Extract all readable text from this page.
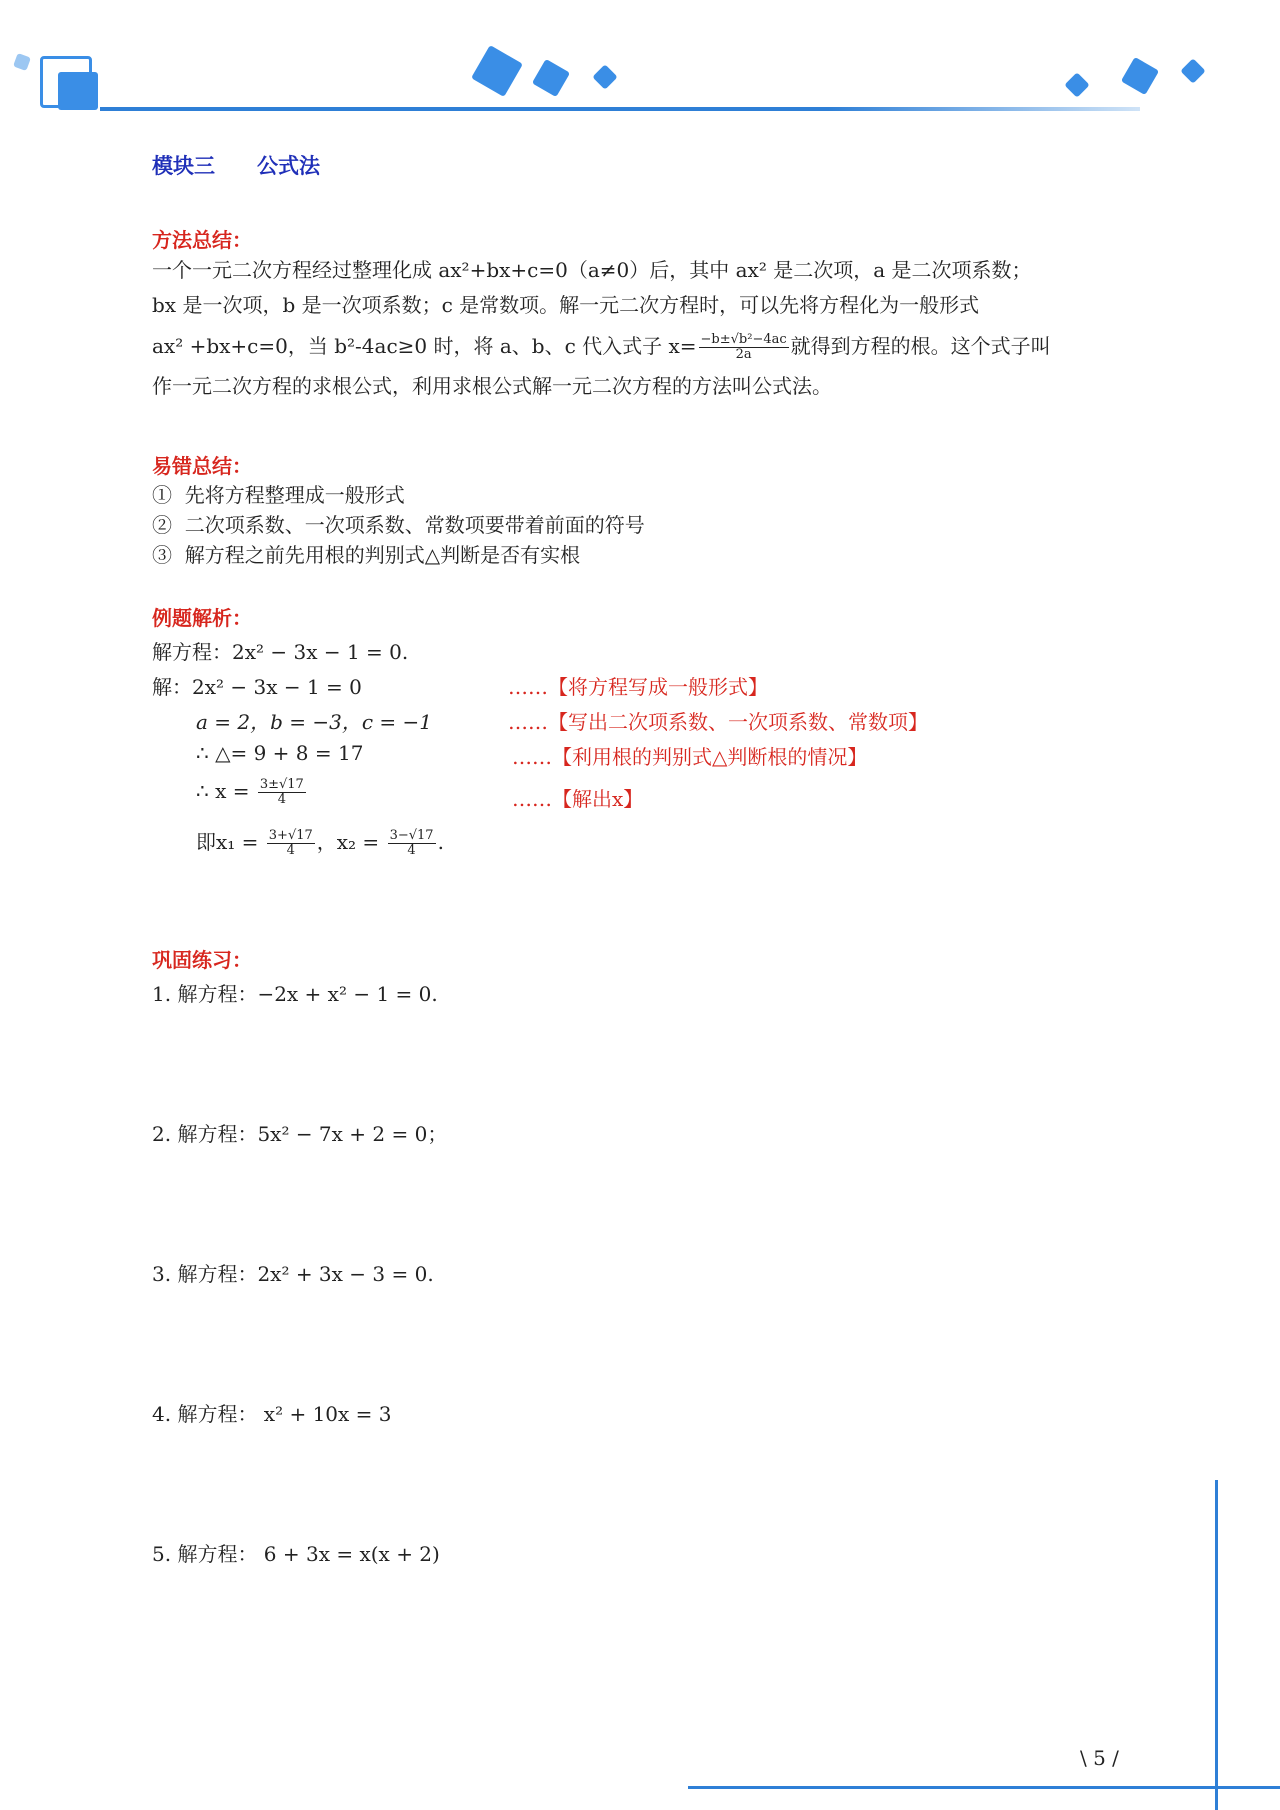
模块三　　公式法
方法总结：
一个一元二次方程经过整理化成 ax²+bx+c=0（a≠0）后，其中 ax² 是二次项，a 是二次项系数；
bx 是一次项，b 是一次项系数；c 是常数项。解一元二次方程时，可以先将方程化为一般形式
ax² +bx+c=0，当 b²-4ac≥0 时，将 a、b、c 代入式子 $x= \frac{\text{−b±√b²−4ac}}{2a}$ 就得到方程的根。这个式子叫
作一元二次方程的求根公式，利用求根公式解一元二次方程的方法叫公式法。
易错总结：
①  先将方程整理成一般形式
②  二次项系数、一次项系数、常数项要带着前面的符号
③  解方程之前先用根的判别式△判断是否有实根
例题解析：
解方程：2x² − 3x − 1 = 0.
解：2x² − 3x − 1 = 0
a = 2，b = −3，c = −1
∴ △= 9 + 8 = 17
∴ $x = \frac{3\pm√17}{4}$
即$x_1 = \frac{3+√17}{4}$ ，$x_2 = \frac{3-√17}{4}$ .
……【将方程写成一般形式】
……【写出二次项系数、一次项系数、常数项】
……【利用根的判别式△判断根的情况】
……【解出x】
巩固练习：
1. 解方程：−2x + x² − 1 = 0.
2. 解方程：5x² − 7x + 2 = 0；
3. 解方程：2x² + 3x − 3 = 0.
4. 解方程： x² + 10x = 3
5. 解方程： 6 + 3x = x(x + 2)
\ 5 /
